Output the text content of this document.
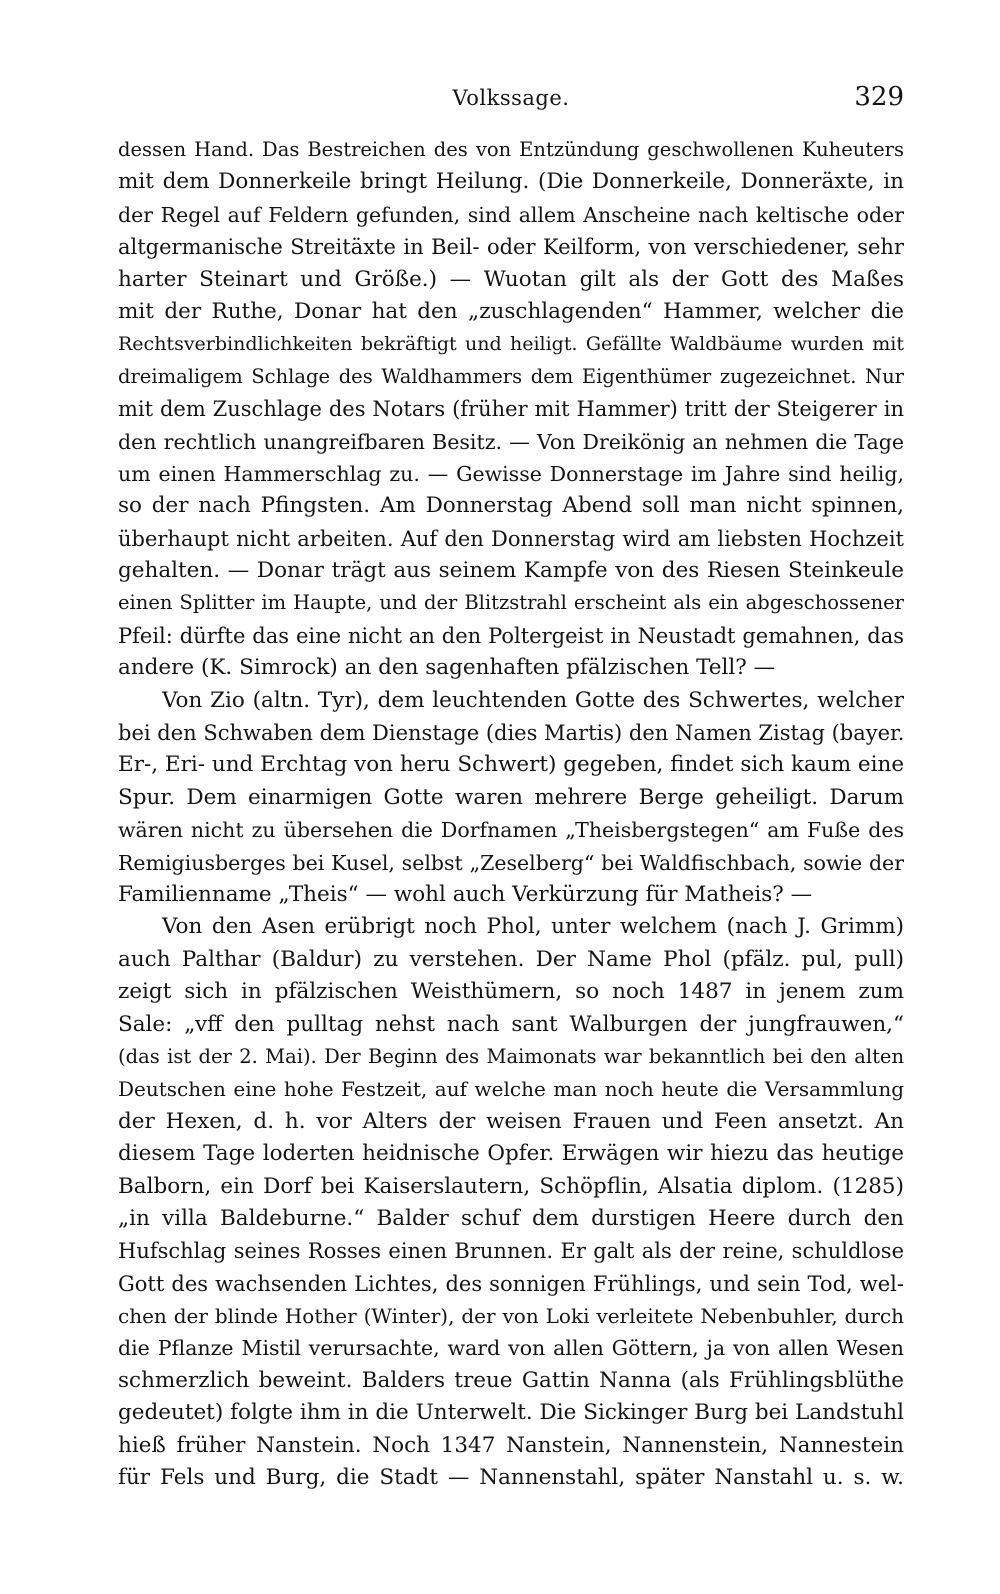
Volkssage.	329
dessen Hand. Das Bestreichen des von Entzündung geschwollenen Kuheuters
mit dem Donnerkeile bringt Heilung. (Die Donnerkeile, Donneräxte, in
der Regel auf Feldern gefunden, sind allem Anscheine nach keltische oder
altgermanische Streitäxte in Beil- oder Keilform, von verschiedener, sehr
harter Steinart und Größe.) — Wuotan gilt als der Gott des Maßes
mit der Ruthe, Donar hat den „zuschlagenden“ Hammer, welcher die
Rechtsverbindlichkeiten bekräftigt und heiligt. Gefällte Waldbäume wurden mit
dreimaligem Schlage des Waldhammers dem Eigenthümer zugezeichnet. Nur
mit dem Zuschlage des Notars (früher mit Hammer) tritt der Steigerer in
den rechtlich unangreifbaren Besitz. — Von Dreikönig an nehmen die Tage
um einen Hammerschlag zu. — Gewisse Donnerstage im Jahre sind heilig,
so der nach Pfingsten. Am Donnerstag Abend soll man nicht spinnen,
überhaupt nicht arbeiten. Auf den Donnerstag wird am liebsten Hochzeit
gehalten. — Donar trägt aus seinem Kampfe von des Riesen Steinkeule
einen Splitter im Haupte, und der Blitzstrahl erscheint als ein abgeschossener
Pfeil: dürfte das eine nicht an den Poltergeist in Neustadt gemahnen, das
andere (K. Simrock) an den sagenhaften pfälzischen Tell? —
Von Zio (altn. Tyr), dem leuchtenden Gotte des Schwertes, welcher
bei den Schwaben dem Dienstage (dies Martis) den Namen Zistag (bayer.
Er-, Eri- und Erchtag von heru Schwert) gegeben, findet sich kaum eine
Spur. Dem einarmigen Gotte waren mehrere Berge geheiligt. Darum
wären nicht zu übersehen die Dorfnamen „Theisbergstegen“ am Fuße des
Remigiusberges bei Kusel, selbst „Zeselberg“ bei Waldfischbach, sowie der
Familienname „Theis“ — wohl auch Verkürzung für Matheis? —
Von den Asen erübrigt noch Phol, unter welchem (nach J. Grimm)
auch Palthar (Baldur) zu verstehen. Der Name Phol (pfälz. pul, pull)
zeigt sich in pfälzischen Weisthümern, so noch 1487 in jenem zum
Sale: „vff den pulltag nehst nach sant Walburgen der jungfrauwen,“
(das ist der 2. Mai). Der Beginn des Maimonats war bekanntlich bei den alten
Deutschen eine hohe Festzeit, auf welche man noch heute die Versammlung
der Hexen, d. h. vor Alters der weisen Frauen und Feen ansetzt. An
diesem Tage loderten heidnische Opfer. Erwägen wir hiezu das heutige
Balborn, ein Dorf bei Kaiserslautern, Schöpflin, Alsatia diplom. (1285)
„in villa Baldeburne.“ Balder schuf dem durstigen Heere durch den
Hufschlag seines Rosses einen Brunnen. Er galt als der reine, schuldlose
Gott des wachsenden Lichtes, des sonnigen Frühlings, und sein Tod, wel-
chen der blinde Hother (Winter), der von Loki verleitete Nebenbuhler, durch
die Pflanze Mistil verursachte, ward von allen Göttern, ja von allen Wesen
schmerzlich beweint. Balders treue Gattin Nanna (als Frühlingsblüthe
gedeutet) folgte ihm in die Unterwelt. Die Sickinger Burg bei Landstuhl
hieß früher Nanstein. Noch 1347 Nanstein, Nannenstein, Nannestein
für Fels und Burg, die Stadt — Nannenstahl, später Nanstahl u. s. w.
